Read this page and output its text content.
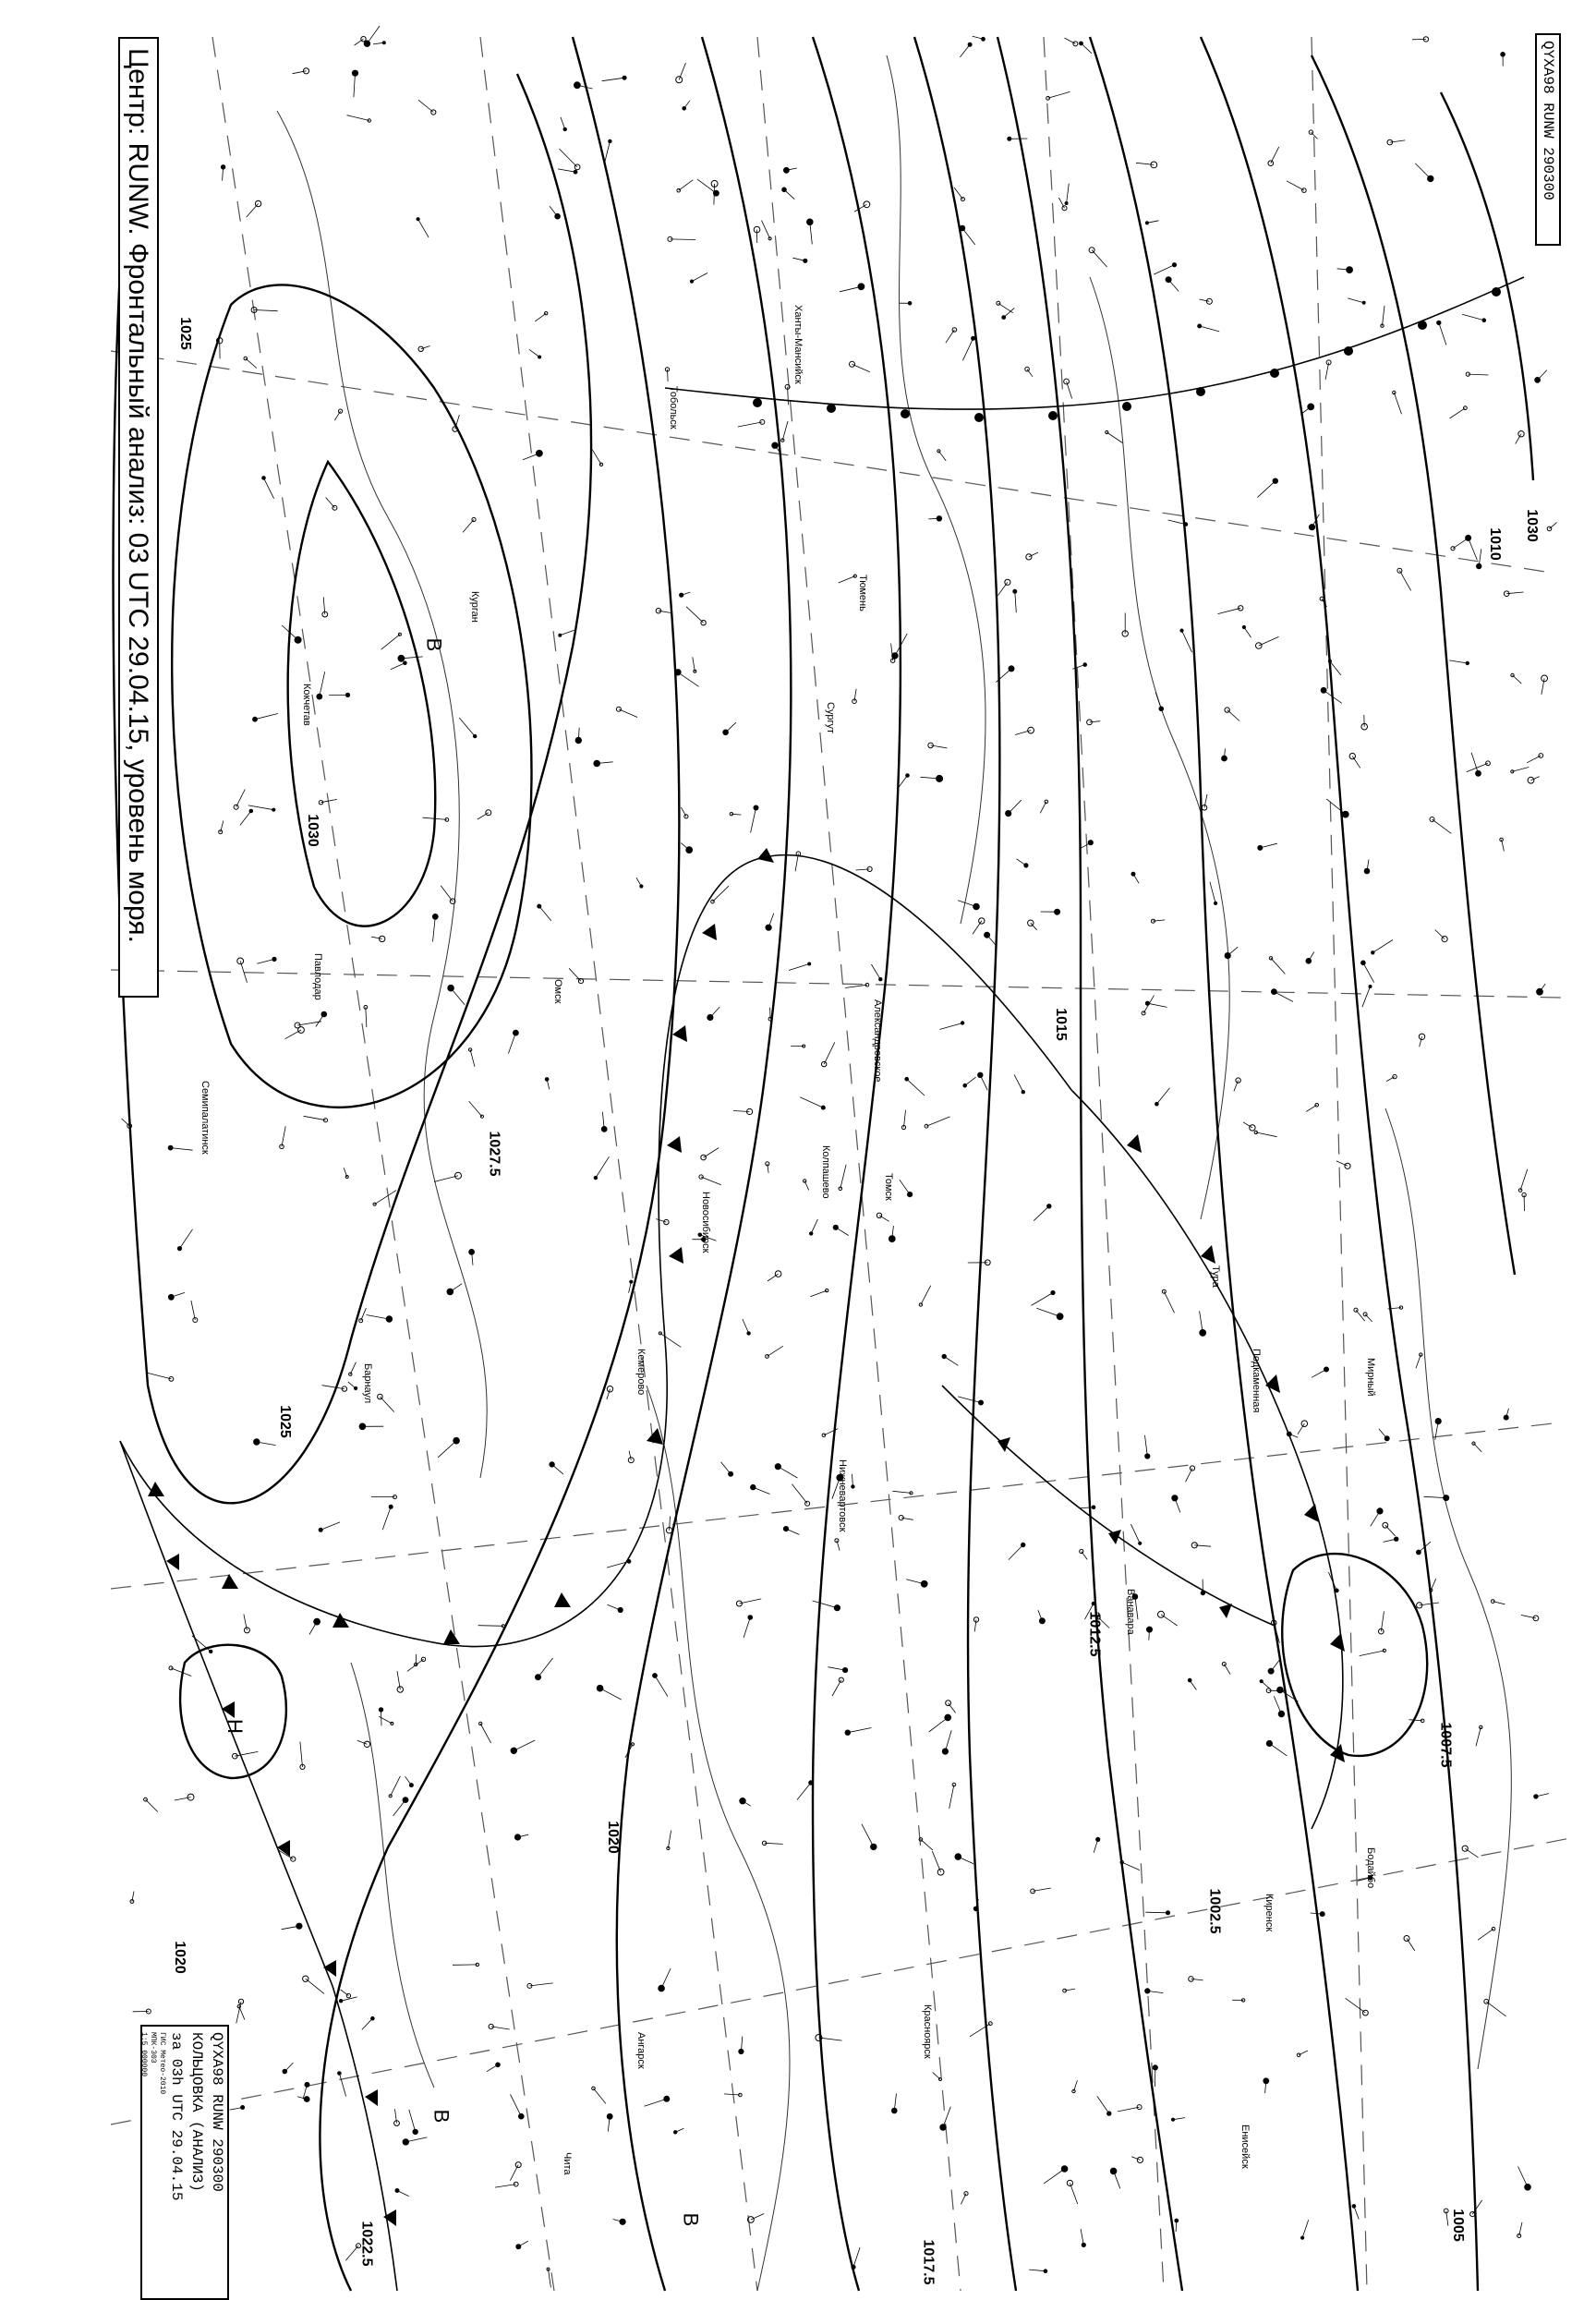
Центр: RUNW. Фронтальный анализ: 03 UTC 29.04.15, уровень моря.	QYXA98 RUNW 290300
QYXA98 RUNW 290300
КОЛЬЦОВКА (АНАЛИЗ)
за 03h UTC 29.04.15
ГИС Метео-2010
МПК-303
1:5 000000
1030
1030
1027.5
1025
1025
1022.5
1020
1020
1017.5
1015
1012.5
1010
1007.5
1005
1002.5
В
В
В
Н
Тюмень
Курган
Омск
Новосибирск
Томск
Ханты-Мансийск
Тобольск
Кокчетав
Павлодар
Барнаул	Кемерово
Нижневартовск
Сургут
Колпашево
Александровское
Енисейск
Красноярск
Тура
Ванавара
Киренск
Подкаменная
Ангарск
Мирный
Бодайбо
Чита
Семипалатинск
